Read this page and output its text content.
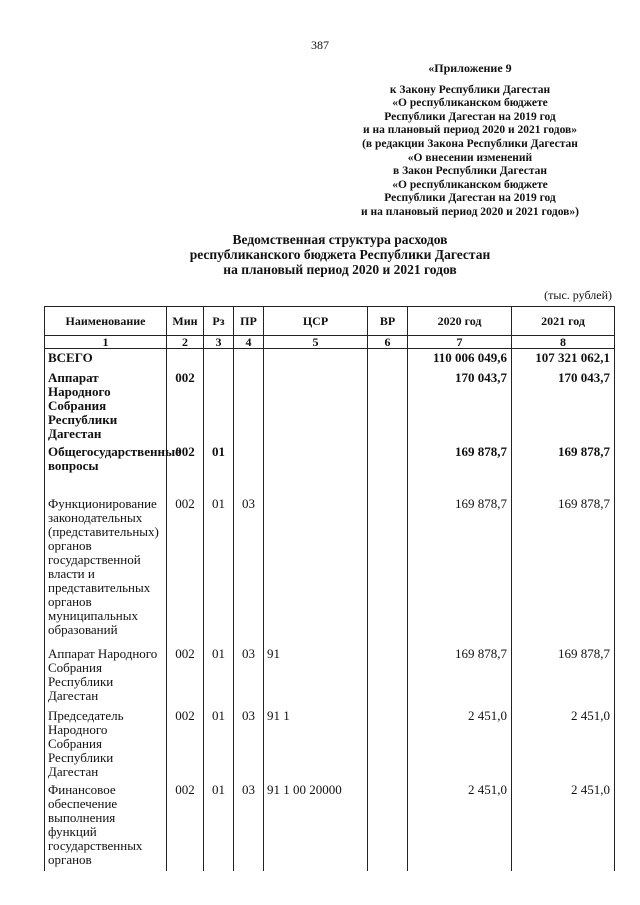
387
«Приложение 9
к Закону Республики Дагестан
«О республиканском бюджете
Республики Дагестан на 2019 год
и на плановый период 2020 и 2021 годов»
(в редакции Закона Республики Дагестан
«О внесении изменений
в Закон Республики Дагестан
«О республиканском бюджете
Республики Дагестан на 2019 год
и на плановый период 2020 и 2021 годов»)
Ведомственная структура расходов
республиканского бюджета Республики Дагестан
на плановый период 2020 и 2021 годов
(тыс. рублей)
Наименование	Мин	Рз	ПР	ЦСР	ВР	2020 год	2021 год
1	2	3	4	5	6	7	8
ВСЕГО						110 006 049,6	107 321 062,1
Аппарат Народного Собрания Республики Дагестан	002					170 043,7	170 043,7
Общегосударственные вопросы	002	01				169 878,7	169 878,7
Функционирование законодательных (представительных) органов государственной власти и представительных органов муниципальных образований	002	01	03			169 878,7	169 878,7
Аппарат Народного Собрания Республики Дагестан	002	01	03	91		169 878,7	169 878,7
Председатель Народного Собрания Республики Дагестан	002	01	03	91 1		2 451,0	2 451,0
Финансовое обеспечение выполнения функций государственных органов	002	01	03	91 1 00 20000		2 451,0	2 451,0
